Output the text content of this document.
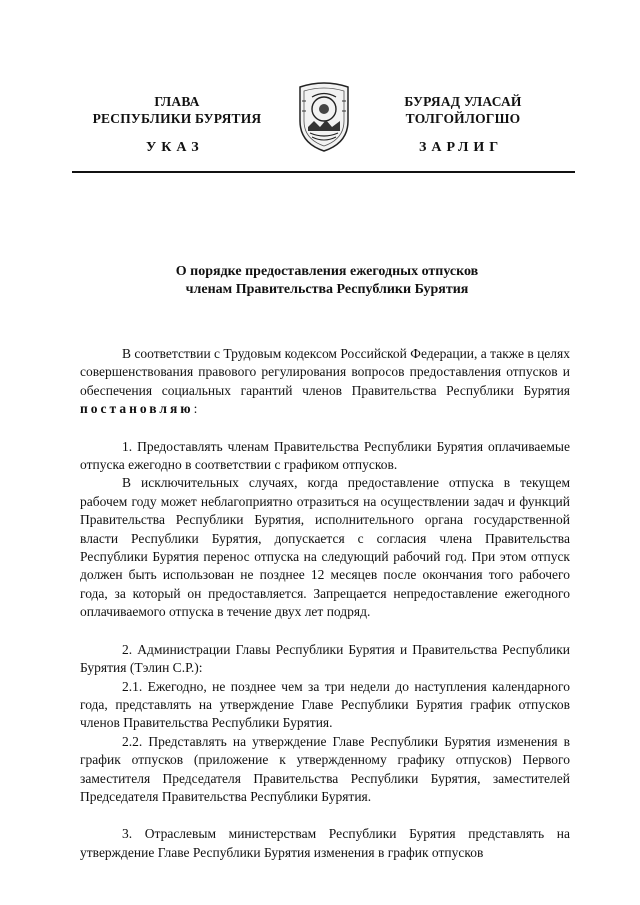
ГЛАВА
РЕСПУБЛИКИ БУРЯТИЯ
БУРЯАД УЛАСАЙ
ТОЛГОЙЛОГШО
УКАЗ	ЗАРЛИГ
О порядке предоставления ежегодных отпусков
членам Правительства Республики Бурятия

В соответствии с Трудовым кодексом Российской Федерации, а также в целях совершенствования правового регулирования вопросов предоставления отпусков и обеспечения социальных гарантий членов Правительства Республики Бурятия постановляю:

1. Предоставлять членам Правительства Республики Бурятия оплачиваемые отпуска ежегодно в соответствии с графиком отпусков.

В исключительных случаях, когда предоставление отпуска в текущем рабочем году может неблагоприятно отразиться на осуществлении задач и функций Правительства Республики Бурятия, исполнительного органа государственной власти Республики Бурятия, допускается с согласия члена Правительства Республики Бурятия перенос отпуска на следующий рабочий год. При этом отпуск должен быть использован не позднее 12 месяцев после окончания того рабочего года, за который он предоставляется. Запрещается непредоставление ежегодного оплачиваемого отпуска в течение двух лет подряд.

2. Администрации Главы Республики Бурятия и Правительства Республики Бурятия (Тэлин С.Р.):

2.1. Ежегодно, не позднее чем за три недели до наступления календарного года, представлять на утверждение Главе Республики Бурятия график отпусков членов Правительства Республики Бурятия.

2.2. Представлять на утверждение Главе Республики Бурятия изменения в график отпусков (приложение к утвержденному графику отпусков) Первого заместителя Председателя Правительства Республики Бурятия, заместителей Председателя Правительства Республики Бурятия.

3. Отраслевым министерствам Республики Бурятия представлять на утверждение Главе Республики Бурятия изменения в график отпусков
